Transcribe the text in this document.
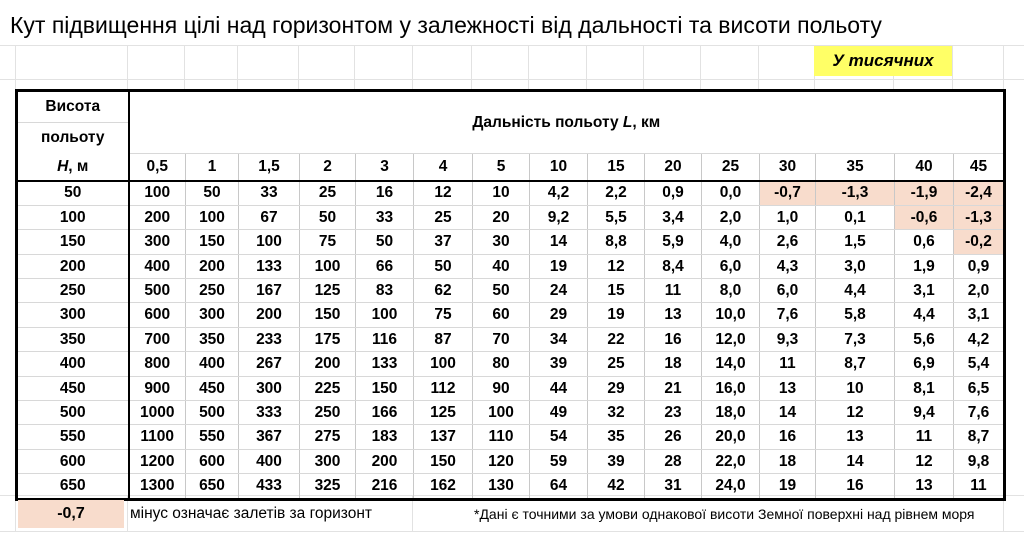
Кут підвищення цілі над горизонтом у залежності від дальності та висоти польоту
У тисячних
Висота	Дальність польоту L, км														
польоту															
H, м	0,5	1	1,5	2	3	4	5	10	15	20	25	30	35	40	45
50	100	50	33	25	16	12	10	4,2	2,2	0,9	0,0	-0,7	-1,3	-1,9	-2,4
100	200	100	67	50	33	25	20	9,2	5,5	3,4	2,0	1,0	0,1	-0,6	-1,3
150	300	150	100	75	50	37	30	14	8,8	5,9	4,0	2,6	1,5	0,6	-0,2
200	400	200	133	100	66	50	40	19	12	8,4	6,0	4,3	3,0	1,9	0,9
250	500	250	167	125	83	62	50	24	15	11	8,0	6,0	4,4	3,1	2,0
300	600	300	200	150	100	75	60	29	19	13	10,0	7,6	5,8	4,4	3,1
350	700	350	233	175	116	87	70	34	22	16	12,0	9,3	7,3	5,6	4,2
400	800	400	267	200	133	100	80	39	25	18	14,0	11	8,7	6,9	5,4
450	900	450	300	225	150	112	90	44	29	21	16,0	13	10	8,1	6,5
500	1000	500	333	250	166	125	100	49	32	23	18,0	14	12	9,4	7,6
550	1100	550	367	275	183	137	110	54	35	26	20,0	16	13	11	8,7
600	1200	600	400	300	200	150	120	59	39	28	22,0	18	14	12	9,8
650	1300	650	433	325	216	162	130	64	42	31	24,0	19	16	13	11
-0,7	мінус означає залетів за горизонт	*Дані є точними за умови однакової висоти Земної поверхні над рівнем моря
